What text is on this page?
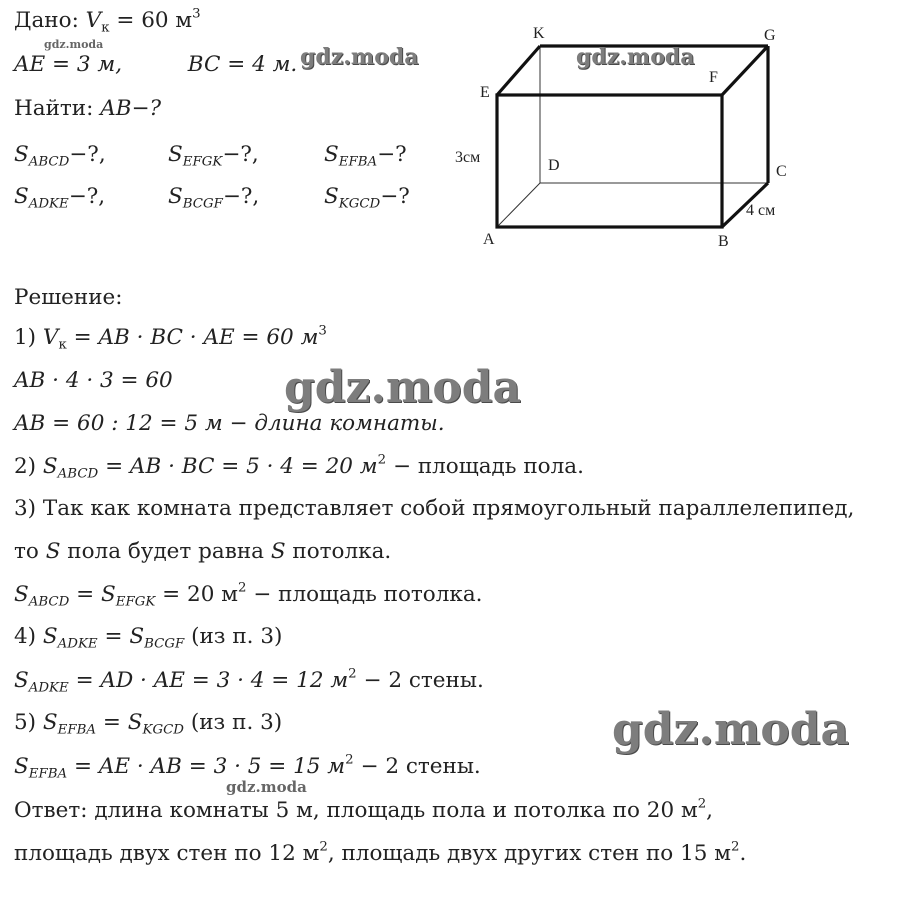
Дано: $V_к = 60$ $м^3$
AE = 3 м,	BC = 4 м.
Найти: AB−?
$S_{ABCD}-$?,	$S_{EFGK}-$?,	$S_{EFBA}-$?
$S_{ADKE}-$?,	$S_{BCGF}-$?,	$S_{KGCD}-$?
K	G
E
F
D	C
A	B
3см
4 см
Решение:
1) $V_к$ = AB · BC · AE = 60 $м^3$
AB · 4 · 3 = 60
AB = 60 : 12 = 5 м − длина комнаты.
2) $S_{ABCD}$ = AB · BC = 5 · 4 = 20 $м^2$ − площадь пола.
3) Так как комната представляет собой прямоугольный параллелепипед,
то S пола будет равна S потолка.
$S_{ABCD} = S_{EFGK} = 20$ $м^2$ − площадь потолка.
4) $S_{ADKE} = S_{BCGF}$ (из п. 3)
$S_{ADKE}$ = AD · AE = 3 · 4 = 12 $м^2 - 2$ стены.
5) $S_{EFBA} = S_{KGCD}$ (из п. 3)
$S_{EFBA}$ = AE · AB = 3 · 5 = 15 $м^2 - 2$ стены.
Ответ: длина комнаты 5 м, площадь пола и потолка по 20 $м^2$,
площадь двух стен по 12 $м^2$, площадь двух других стен по 15 $м^2$.
gdz.moda
gdz.moda	gdz.moda
gdz.moda
gdz.moda
gdz.moda
